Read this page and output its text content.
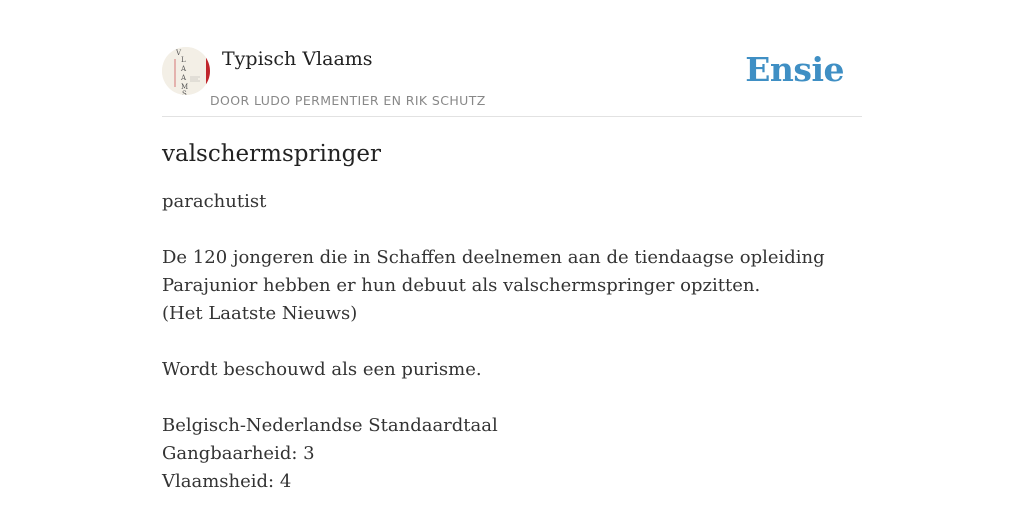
V
L
A
A
M
S
Typisch Vlaams
DOOR LUDO PERMENTIER EN RIK SCHUTZ
Ensie
valschermspringer
parachutist
De 120 jongeren die in Schaffen deelnemen aan de tiendaagse opleiding
Parajunior hebben er hun debuut als valschermspringer opzitten.
(Het Laatste Nieuws)
Wordt beschouwd als een purisme.
Belgisch-Nederlandse Standaardtaal
Gangbaarheid: 3
Vlaamsheid: 4
